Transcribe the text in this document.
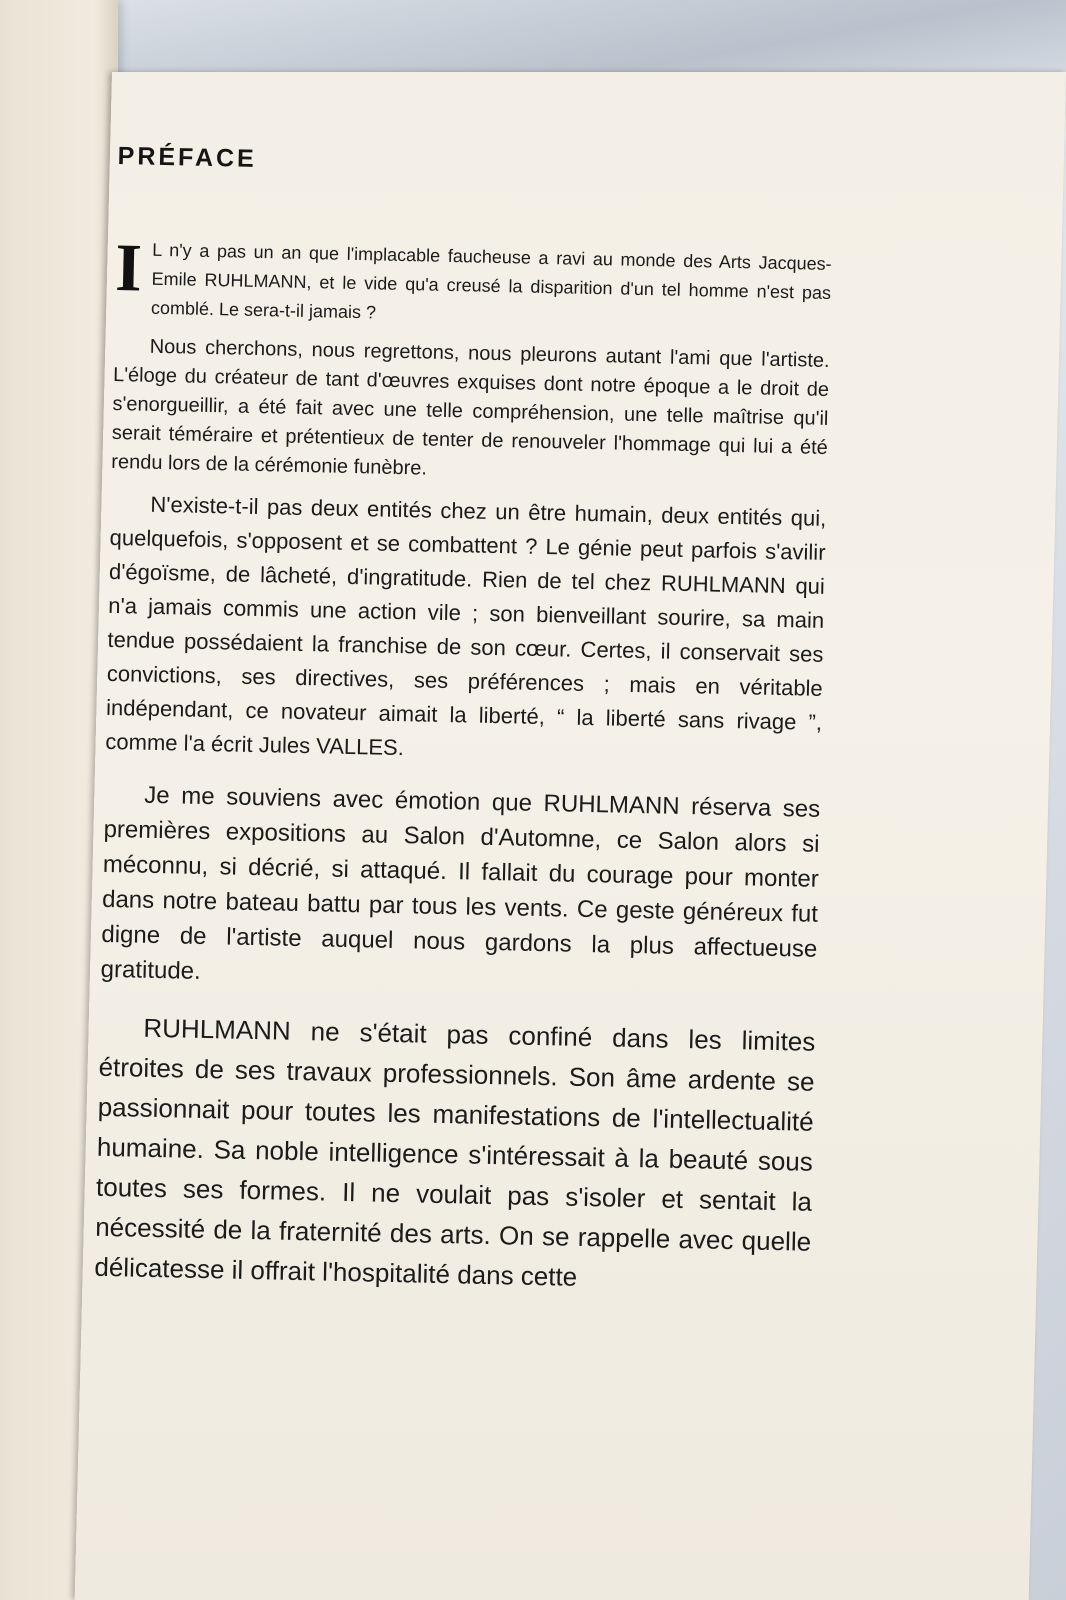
PRÉFACE

I L n'y a pas un an que l'implacable faucheuse a ravi au monde des Arts Jacques-Emile RUHLMANN, et le vide qu'a creusé la disparition d'un tel homme n'est pas comblé. Le sera-t-il jamais ?

Nous cherchons, nous regrettons, nous pleurons autant l'ami que l'artiste. L'éloge du créateur de tant d'œuvres exquises dont notre époque a le droit de s'enorgueillir, a été fait avec une telle compréhension, une telle maîtrise qu'il serait téméraire et prétentieux de tenter de renouveler l'hommage qui lui a été rendu lors de la cérémonie funèbre.

N'existe-t-il pas deux entités chez un être humain, deux entités qui, quelquefois, s'opposent et se combattent ? Le génie peut parfois s'avilir d'égoïsme, de lâcheté, d'ingratitude. Rien de tel chez RUHLMANN qui n'a jamais commis une action vile ; son bienveillant sourire, sa main tendue possédaient la franchise de son cœur. Certes, il conservait ses convictions, ses directives, ses préférences ; mais en véritable indépendant, ce novateur aimait la liberté, “ la liberté sans rivage ”, comme l'a écrit Jules VALLES.

Je me souviens avec émotion que RUHLMANN réserva ses premières expositions au Salon d'Automne, ce Salon alors si méconnu, si décrié, si attaqué. Il fallait du courage pour monter dans notre bateau battu par tous les vents. Ce geste généreux fut digne de l'artiste auquel nous gardons la plus affectueuse gratitude.

RUHLMANN ne s'était pas confiné dans les limites étroites de ses travaux professionnels. Son âme ardente se passionnait pour toutes les manifestations de l'intellectualité humaine. Sa noble intelligence s'intéressait à la beauté sous toutes ses formes. Il ne voulait pas s'isoler et sentait la nécessité de la fraternité des arts. On se rappelle avec quelle délicatesse il offrait l'hospitalité dans cette
